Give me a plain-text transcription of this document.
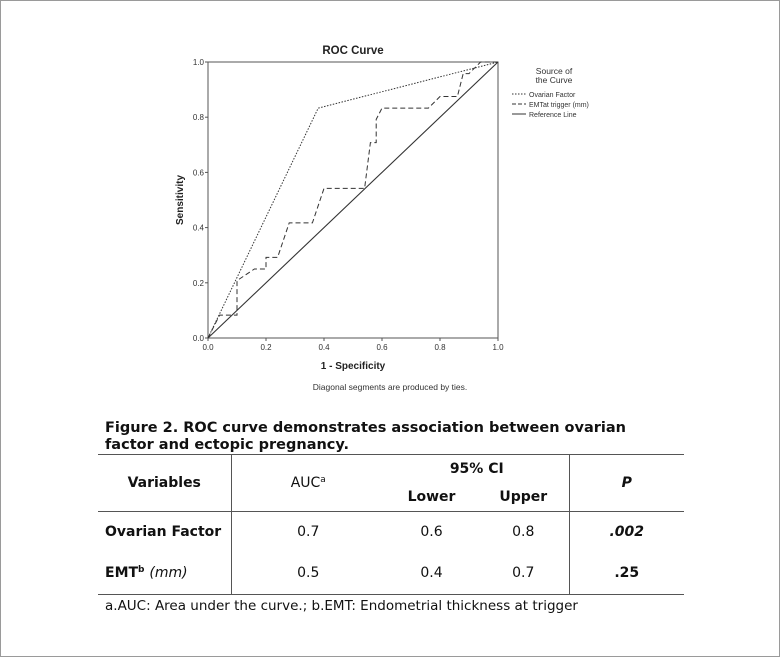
ROC Curve
0.0	0.2	0.4	0.6	0.8	1.0
0.0
0.2
0.4
0.6
0.8
1.0
1 - Specificity
Sensitivity
Source of
the Curve
Ovarian Factor
EMTat trigger (mm)
Reference Line
Diagonal segments are produced by ties.
Figure 2. ROC curve demonstrates association between ovarian factor and ectopic pregnancy.

Variables	AUC$^a$	95% CI		P
		Lower	Upper	
Ovarian Factor	0.7	0.6	0.8	.002
EMT$^b$ (mm)	0.5	0.4	0.7	.25
a.AUC: Area under the curve.; b.EMT: Endometrial thickness at trigger
